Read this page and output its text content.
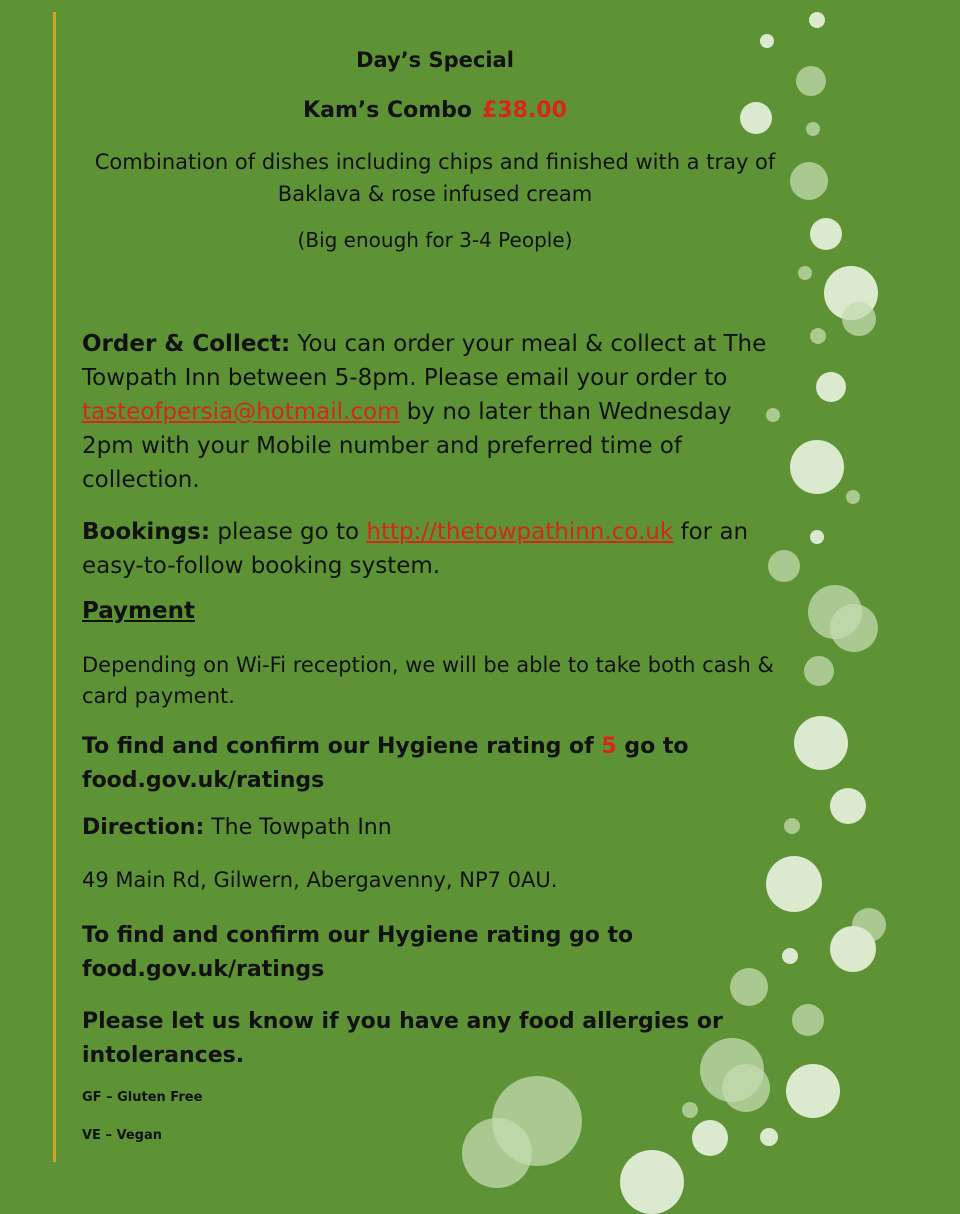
Day’s Special
Kam’s Combo £38.00
Combination of dishes including chips and finished with a tray of Baklava & rose infused cream
(Big enough for 3-4 People)
Order & Collect: You can order your meal & collect at The Towpath Inn between 5-8pm. Please email your order to tasteofpersia@hotmail.com by no later than Wednesday 2pm with your Mobile number and preferred time of collection.
Bookings: please go to http://thetowpathinn.co.uk for an easy-to-follow booking system.
Payment
Depending on Wi-Fi reception, we will be able to take both cash & card payment.
To find and confirm our Hygiene rating of 5 go to food.gov.uk/ratings
Direction: The Towpath Inn
49 Main Rd, Gilwern, Abergavenny, NP7 0AU.
To find and confirm our Hygiene rating go to food.gov.uk/ratings
Please let us know if you have any food allergies or intolerances.
GF – Gluten Free
VE – Vegan
